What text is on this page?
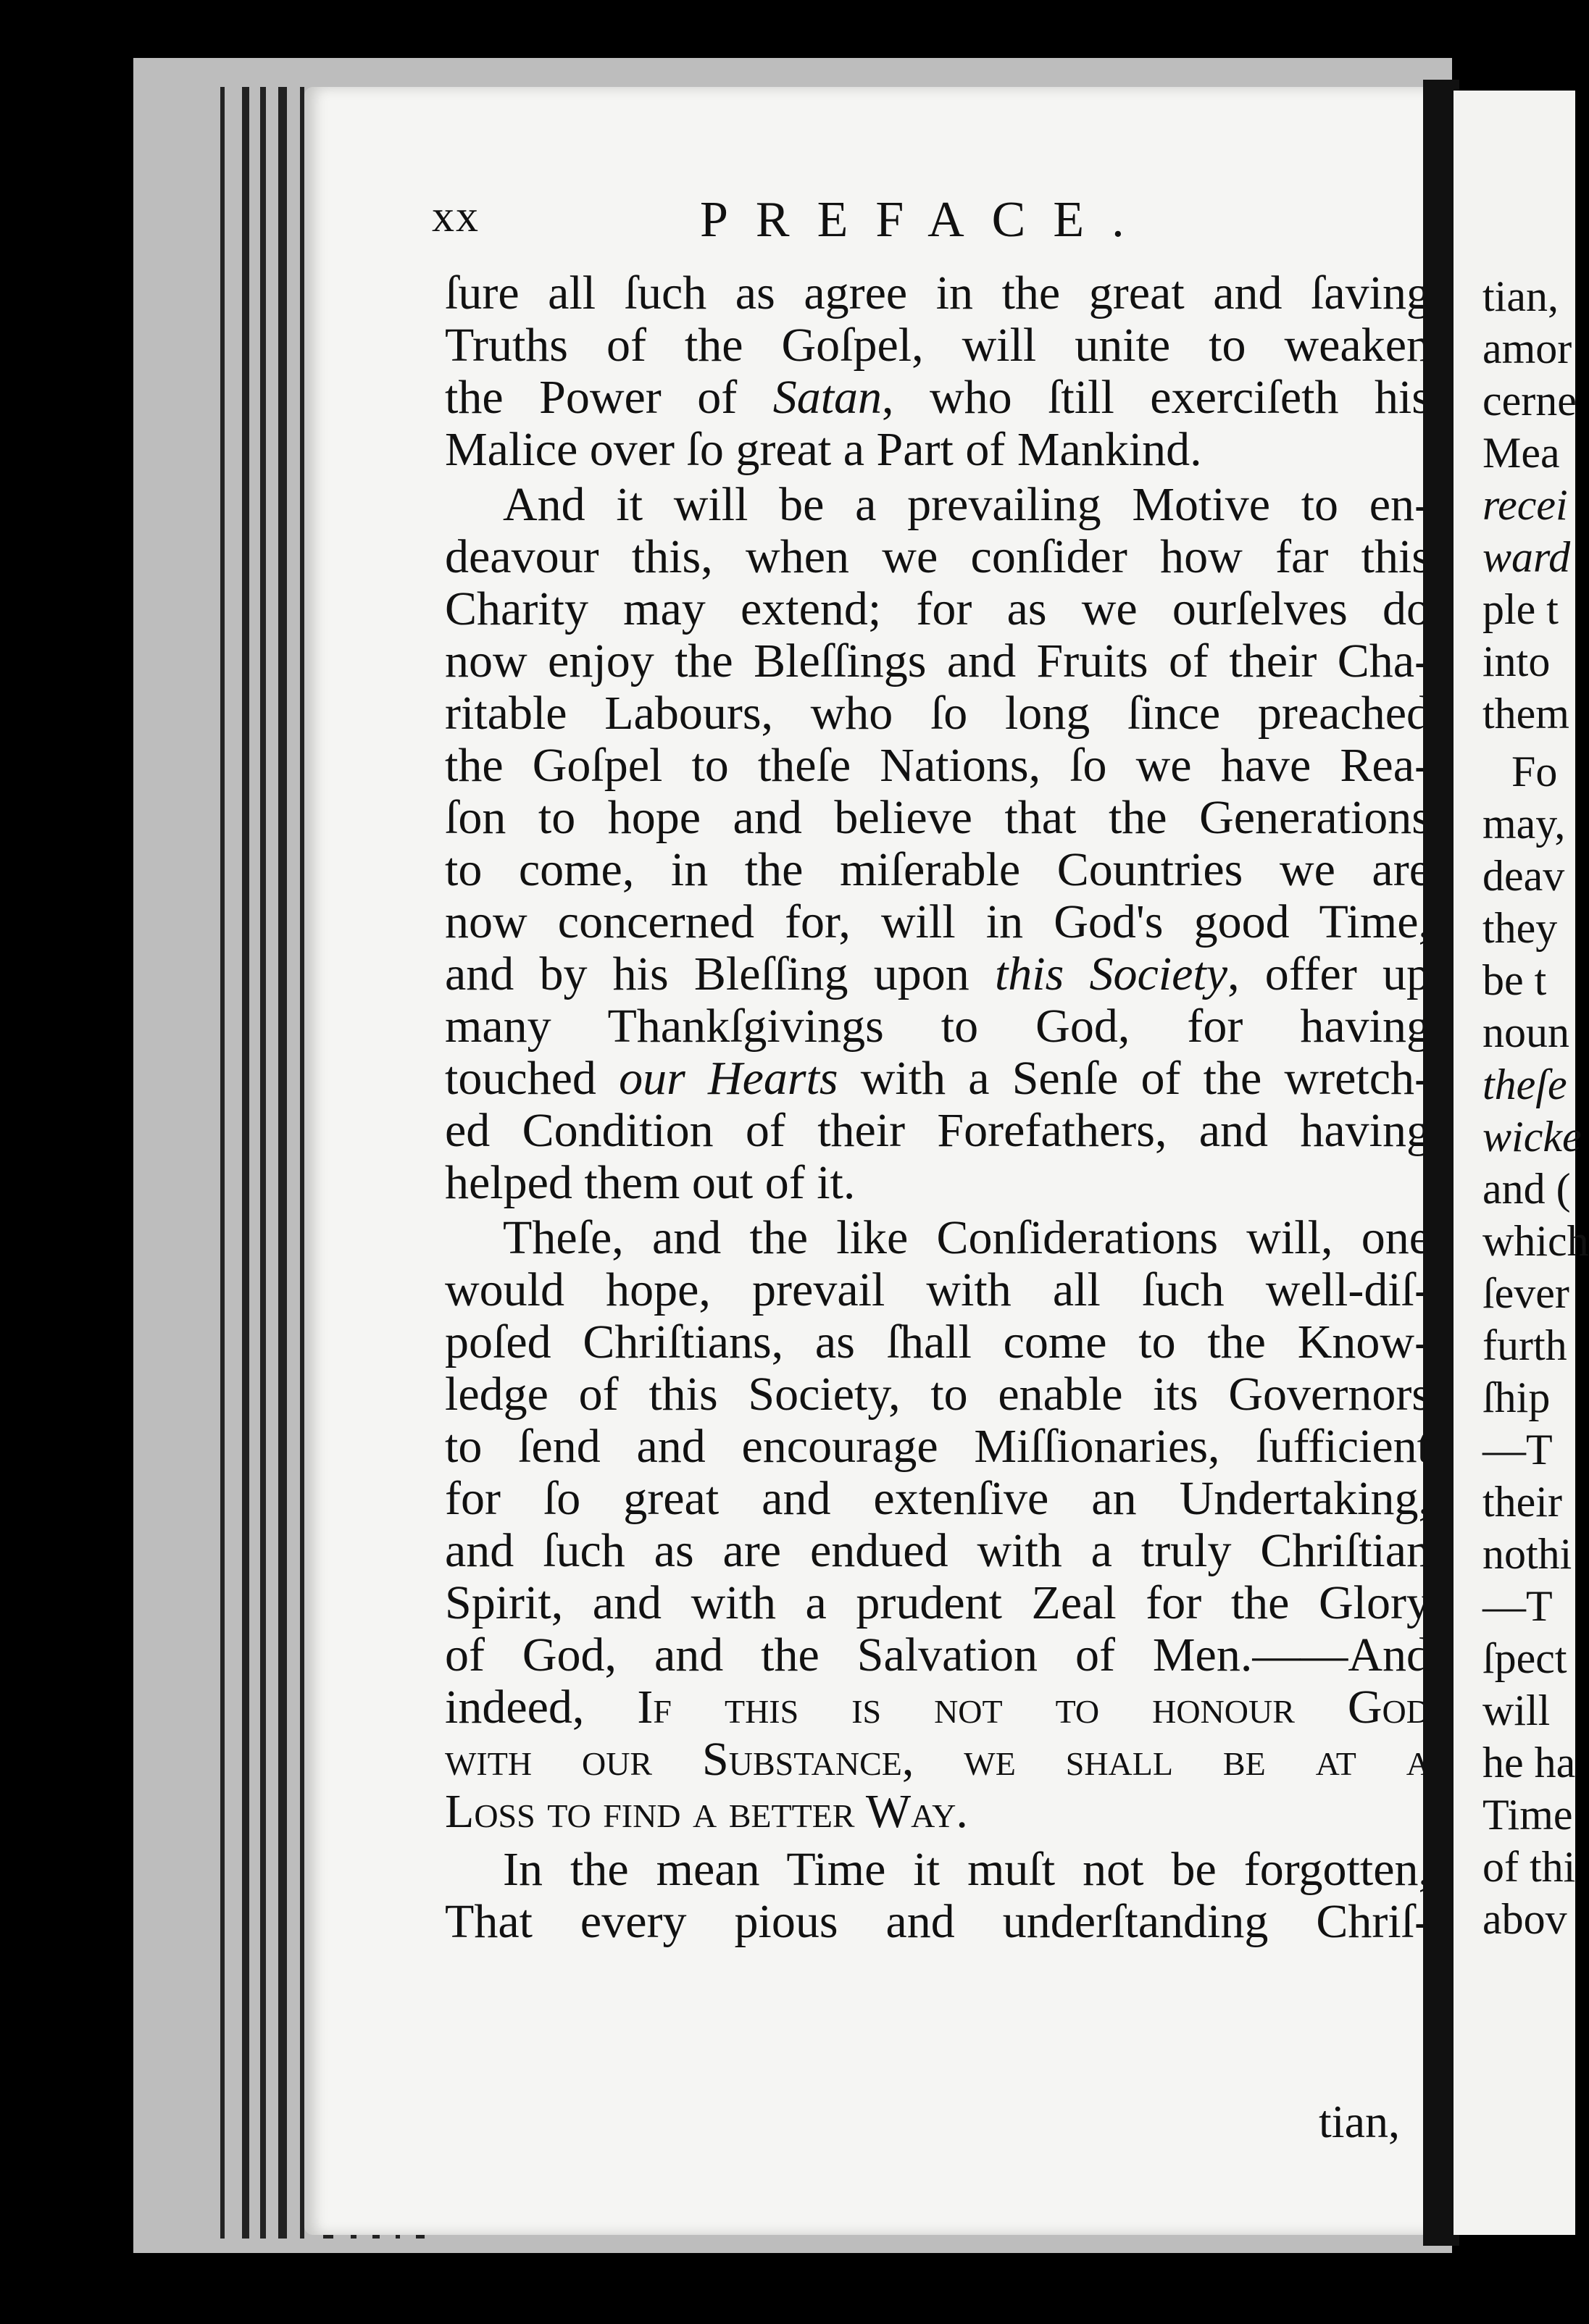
tian,
amor
cerne
Mea
recei
ward
ple t
into
them
Fo
may,
deav
they
be t
noun
theſe
wicke
and (
which
ſever
furth
ſhip
—T
their
nothi
—T
ſpect
will
he ha
Time
of thi
abov
xx	PREFACE.
ſure all ſuch as agree in the great and ſaving
Truths of the Goſpel, will unite to weaken
the Power of Satan, who ſtill exerciſeth his
Malice over ſo great a Part of Mankind.
And it will be a prevailing Motive to en-
deavour this, when we conſider how far this
Charity may extend; for as we ourſelves do
now enjoy the Bleſſings and Fruits of their Cha-
ritable Labours, who ſo long ſince preached
the Goſpel to theſe Nations, ſo we have Rea-
ſon to hope and believe that the Generations
to come, in the miſerable Countries we are
now concerned for, will in God's good Time,
and by his Bleſſing upon this Society, offer up
many Thankſgivings to God, for having
touched our Hearts with a Senſe of the wretch-
ed Condition of their Forefathers, and having
helped them out of it.
Theſe, and the like Conſiderations will, one
would hope, prevail with all ſuch well-diſ-
poſed Chriſtians, as ſhall come to the Know-
ledge of this Society, to enable its Governors
to ſend and encourage Miſſionaries, ſufficient
for ſo great and extenſive an Undertaking,
and ſuch as are endued with a truly Chriſtian
Spirit, and with a prudent Zeal for the Glory
of God, and the Salvation of Men.——And
indeed, If this is not to honour God
with our Substance, we shall be at a
Loss to find a better Way.
In the mean Time it muſt not be forgotten,
That every pious and underſtanding Chriſ-
tian,
